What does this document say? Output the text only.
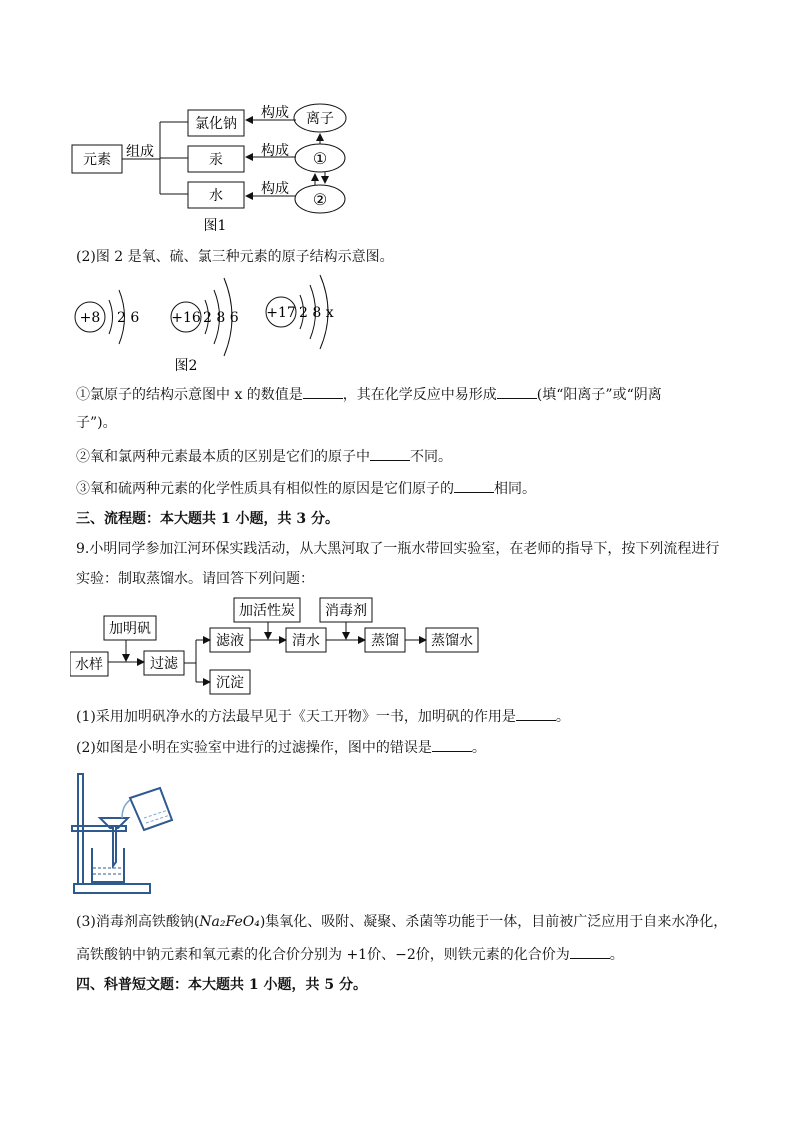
元素 组成
氯化钠
汞
水
构成
构成
构成
离子
①
②
图1
(2)图 2 是氧、硫、氯三种元素的原子结构示意图。
+8 2 6 +16 2 8 6 +17 2 8 x
图2
①氯原子的结构示意图中 x 的数值是	，其在化学反应中易形成	(填“阳离子”或“阴离
子”)。
②氧和氯两种元素最本质的区别是它们的原子中	不同。
③氧和硫两种元素的化学性质具有相似性的原因是它们原子的	相同。
三、流程题：本大题共 1 小题，共 3 分。
9.小明同学参加江河环保实践活动，从大黑河取了一瓶水带回实验室，在老师的指导下，按下列流程进行
实验：制取蒸馏水。请回答下列问题：
加明矾
水样	过滤
滤液
沉淀
加活性炭
清水
消毒剂
蒸馏 蒸馏水
(1)采用加明矾净水的方法最早见于《天工开物》一书，加明矾的作用是	。
(2)如图是小明在实验室中进行的过滤操作，图中的错误是	。
(3)消毒剂高铁酸钠(Na₂FeO₄)集氧化、吸附、凝聚、杀菌等功能于一体，目前被广泛应用于自来水净化，
高铁酸钠中钠元素和氧元素的化合价分别为 +1价、−2价，则铁元素的化合价为	。
四、科普短文题：本大题共 1 小题，共 5 分。
